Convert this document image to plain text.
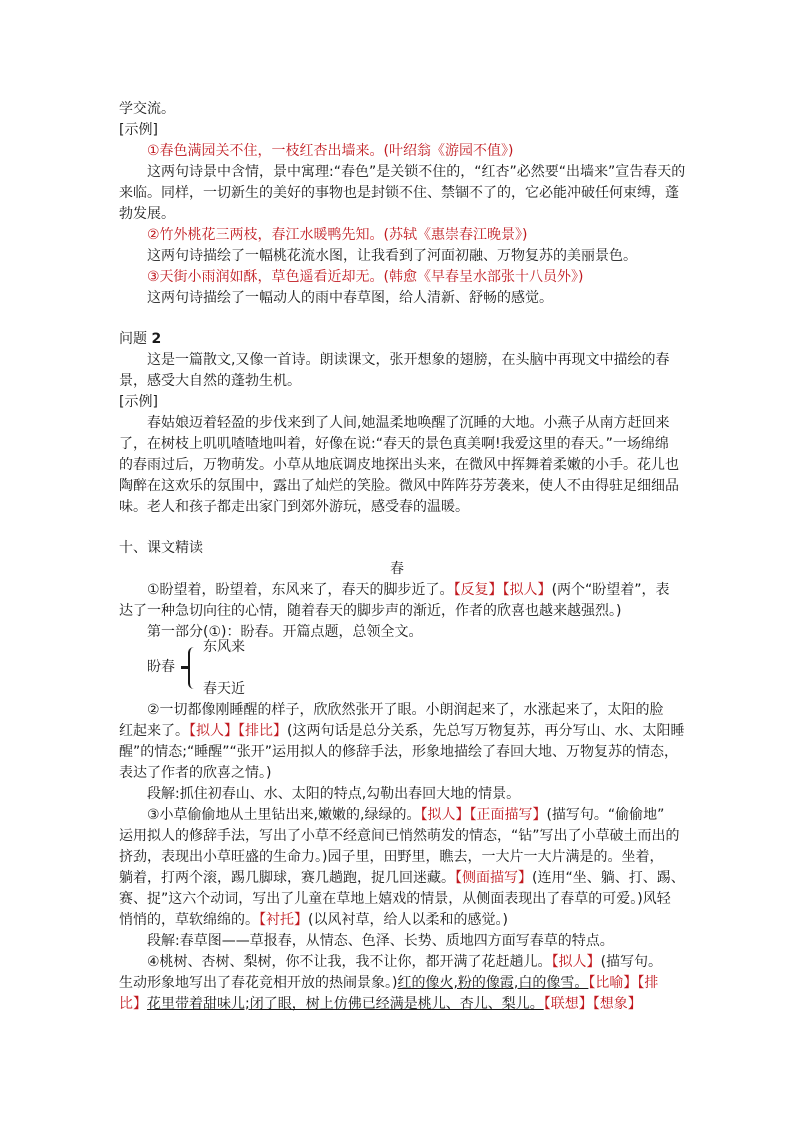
学交流。
[示例]
①春色满园关不住，一枝红杏出墙来。(叶绍翁《游园不值》)
这两句诗景中含情，景中寓理:“春色”是关锁不住的，“红杏”必然要“出墙来”宣告春天的
来临。同样，一切新生的美好的事物也是封锁不住、禁锢不了的，它必能冲破任何束缚，蓬
勃发展。
②竹外桃花三两枝，春江水暖鸭先知。(苏轼《惠崇春江晚景》)
这两句诗描绘了一幅桃花流水图，让我看到了河面初融、万物复苏的美丽景色。
③天街小雨润如酥，草色遥看近却无。(韩愈《早春呈水部张十八员外》)
这两句诗描绘了一幅动人的雨中春草图，给人清新、舒畅的感觉。
问题 2
这是一篇散文,又像一首诗。朗读课文，张开想象的翅膀，在头脑中再现文中描绘的春
景，感受大自然的蓬勃生机。
[示例]
春姑娘迈着轻盈的步伐来到了人间,她温柔地唤醒了沉睡的大地。小燕子从南方赶回来
了，在树枝上叽叽喳喳地叫着，好像在说:“春天的景色真美啊!我爱这里的春天。”一场绵绵
的春雨过后，万物萌发。小草从地底调皮地探出头来，在微风中挥舞着柔嫩的小手。花儿也
陶醉在这欢乐的氛围中，露出了灿烂的笑脸。微风中阵阵芬芳袭来，使人不由得驻足细细品
味。老人和孩子都走出家门到郊外游玩，感受春的温暖。
十、课文精读
春
①盼望着，盼望着，东风来了，春天的脚步近了。【反复】【拟人】(两个“盼望着”，表
达了一种急切向往的心情，随着春天的脚步声的渐近，作者的欣喜也越来越强烈。)
第一部分(①)：盼春。开篇点题，总领全文。
盼春
东风来
春天近
②一切都像刚睡醒的样子，欣欣然张开了眼。小朗润起来了，水涨起来了，太阳的脸
红起来了。【拟人】【排比】(这两句话是总分关系，先总写万物复苏，再分写山、水、太阳睡
醒”的情态;“睡醒”“张开”运用拟人的修辞手法，形象地描绘了春回大地、万物复苏的情态，
表达了作者的欣喜之情。)
段解:抓住初春山、水、太阳的特点,勾勒出春回大地的情景。
③小草偷偷地从土里钻出来,嫩嫩的,绿绿的。【拟人】【正面描写】(描写句。“偷偷地”
运用拟人的修辞手法，写出了小草不经意间已悄然萌发的情态，“钻”写出了小草破土而出的
挤劲，表现出小草旺盛的生命力。)园子里，田野里，瞧去，一大片一大片满是的。坐着，
躺着，打两个滚，踢几脚球，赛几趟跑，捉几回迷藏。【侧面描写】(连用“坐、躺、打、踢、
赛、捉”这六个动词，写出了儿童在草地上嬉戏的情景，从侧面表现出了春草的可爱。)风轻
悄悄的，草软绵绵的。【衬托】(以风衬草，给人以柔和的感觉。)
段解:春草图——草报春，从情态、色泽、长势、质地四方面写春草的特点。
④桃树、杏树、梨树，你不让我，我不让你，都开满了花赶趟儿。【拟人】(描写句。
生动形象地写出了春花竞相开放的热闹景象。)红的像火,粉的像霞,白的像雪。【比喻】【排
比】花里带着甜味儿;闭了眼，树上仿佛已经满是桃儿、杏儿、梨儿。【联想】【想象】
